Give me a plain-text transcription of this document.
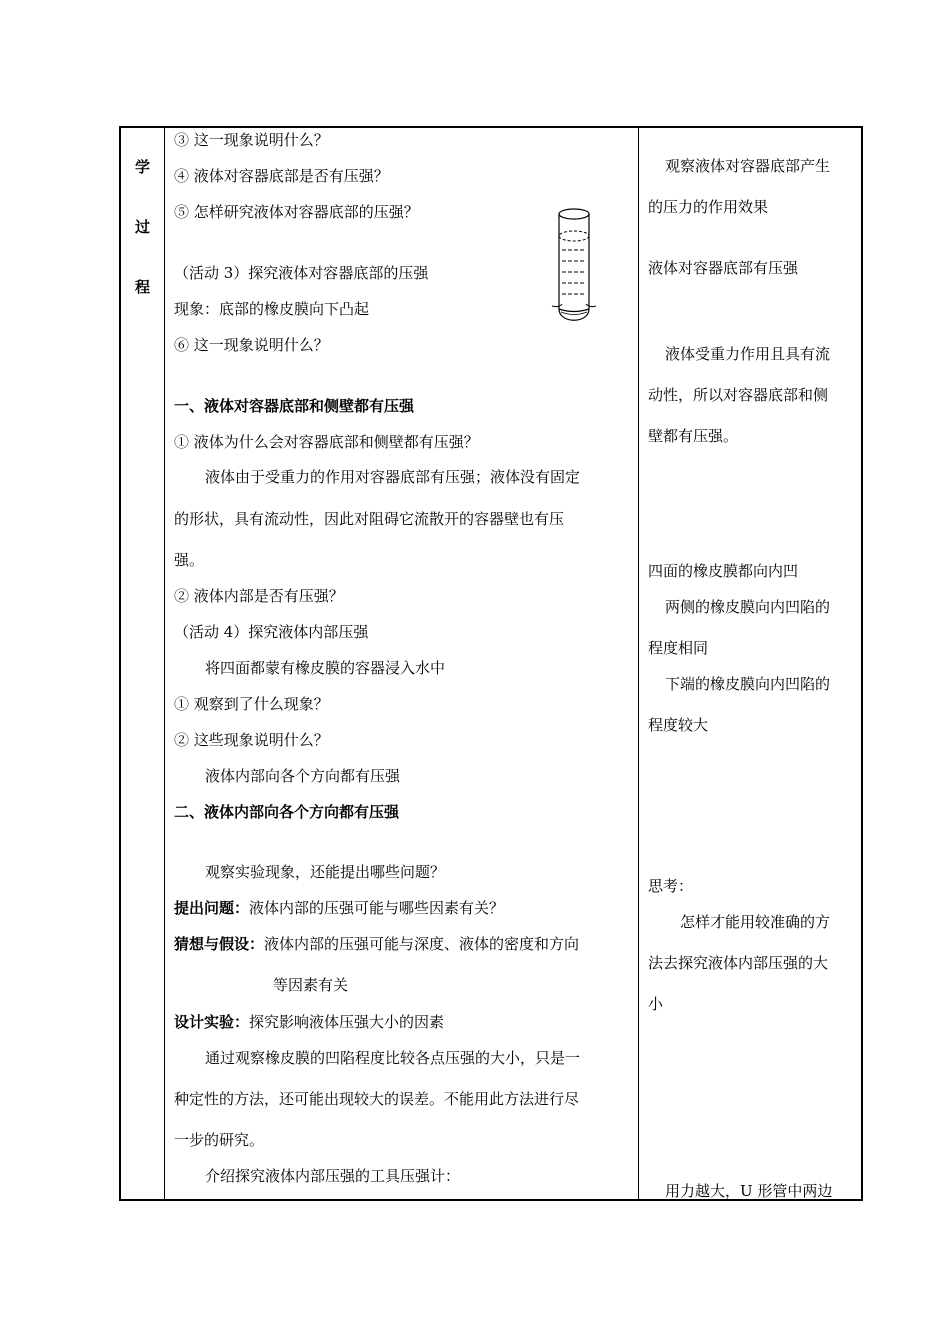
学
过
程
③ 这一现象说明什么？
④ 液体对容器底部是否有压强？
⑤ 怎样研究液体对容器底部的压强？
（活动 3）探究液体对容器底部的压强
现象：底部的橡皮膜向下凸起
⑥ 这一现象说明什么？
一、液体对容器底部和侧壁都有压强
① 液体为什么会对容器底部和侧壁都有压强？
液体由于受重力的作用对容器底部有压强；液体没有固定
的形状，具有流动性，因此对阻碍它流散开的容器壁也有压
强。
② 液体内部是否有压强？
（活动 4）探究液体内部压强
将四面都蒙有橡皮膜的容器浸入水中
① 观察到了什么现象？
② 这些现象说明什么？
液体内部向各个方向都有压强
二、液体内部向各个方向都有压强
观察实验现象，还能提出哪些问题？
提出问题：液体内部的压强可能与哪些因素有关？
猜想与假设：液体内部的压强可能与深度、液体的密度和方向
等因素有关
设计实验：探究影响液体压强大小的因素
通过观察橡皮膜的凹陷程度比较各点压强的大小，只是一
种定性的方法，还可能出现较大的误差。不能用此方法进行尽
一步的研究。
介绍探究液体内部压强的工具压强计：
观察液体对容器底部产生
的压力的作用效果
液体对容器底部有压强
液体受重力作用且具有流
动性，所以对容器底部和侧
壁都有压强。
四面的橡皮膜都向内凹
两侧的橡皮膜向内凹陷的
程度相同
下端的橡皮膜向内凹陷的
程度较大
思考：
怎样才能用较准确的方
法去探究液体内部压强的大
小
用力越大，U 形管中两边
